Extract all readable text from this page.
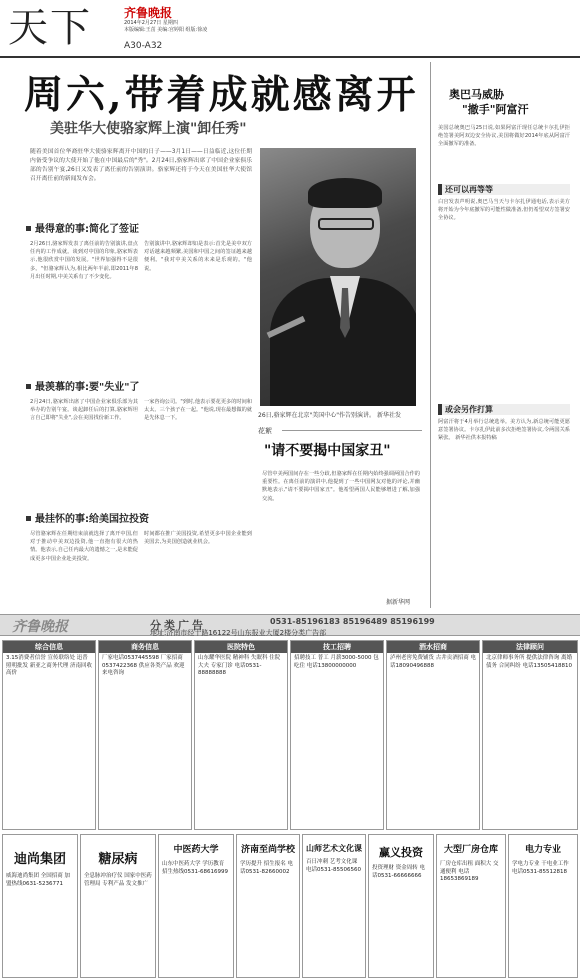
天下	齐鲁晚报
2014年2月27日 星期四
本版编辑:王茁 美编:宫婷阳 组版:徐凌
A30-A32
周六,带着成就感离开
美驻华大使骆家辉上演"卸任秀"
随着美国首位华裔驻华大使骆家辉离开中国的日子——3月1日——日益临近,这位任期内备受争议的大使开始了他在中国最后的"秀"。2月24日,骆家辉出席了中国企业家俱乐部的告别午宴,26日又发表了离任前的告别演讲。骆家辉还将于今天在美国驻华大使馆召开离任前的新闻发布会。
最得意的事:简化了签证
2月26日,骆家辉发表了离任前的告别演讲,盘点任内的工作成就。谈到对中国的印象,骆家辉表示,他很欣赏中国的发展。"世界加强得不是很多。"但骆家辉认为,相比两年半前,即2011年8月出任时期,中美关系有了不少变化。
告别演讲中,骆家辉却如是表示:首先是美中双方对话越来越频繁,美国和中国之间的签证越来越便利。"我对中美关系的未来是乐观的。"他说。
最羡慕的事:要"失业"了
2月24日,骆家辉出席了中国企业家俱乐部为其举办的告别午宴。谈起卸任后的打算,骆家辉坦言自己即将"失业",会在美国找份新工作。
一家咨询公司。"到时,他表示要花更多的时间和太太、三个孩子在一起。"他说,现在最想做的就是先休息一下。
最挂怀的事:给美国拉投资
尽管骆家辉在任期结束前就选择了离开中国,但对于推动中美双边投资,他一直抱有很大的热情。他表示,自己任内最大的遗憾之一,是未能促成更多中国企业赴美投资。
时间都在推广美国投资,希望更多中国企业能到美国去,为美国创造就业机会。
26日,骆家辉在北京"美国中心"作告别演讲。 新华社发
花絮
"请不要揭中国家丑"
尽管中美两国间存在一些分歧,但骆家辉在任期内始终强调两国合作的重要性。在离任前的演讲中,他提到了一些中国网友对他的评论,并幽默地表示,"请不要揭中国家丑"。他希望两国人民能够增进了解,加强交流。
据新华网
奥巴马威胁
"撤手"阿富汗
美国总统奥巴马25日说,如果阿富汗现任总统卡尔扎伊拒绝签署美阿双边安全协议,美国将做好2014年底从阿富汗全面撤军的准备。
还可以再等等
白宫发表声明说,奥巴马当天与卡尔扎伊通电话,表示美方将开始为今年底撤军的可能性做准备,但仍希望双方签署安全协议。
或会另作打算
阿富汗将于4月举行总统选举。美方认为,新总统可能更愿意签署协议。卡尔扎伊此前多次拒绝签署协议,令两国关系紧张。 新华社供本报特稿
齐鲁晚报	分类广告	0531-85196183 85196489 85196199
地址:济南市经十路16122号山东报业大厦2楼分类广告部
综合信息
3.15消费者信誉 宣传联络处 迅普照明批发 新亚之商务代理 济南回收高价
商务信息
厂家电话0537445598 厂家招商0537422368 供应各类产品 欢迎来电咨询
医院特色
山东耀华医院 精神科 失眠科 住院大夫 专家门诊 电话0531-88888888
技工招聘
招聘技工 普工 月薪3000-5000 包吃住 电话13800000000
酒水招商
泸州老窖免费铺货 古井贡酒招商 电话18090496888
法律顾问
北京律师事务所 提供法律咨询 离婚 债务 合同纠纷 电话13505418810
迪尚集团
威海迪尚集团 全国招商 加盟热线0631-5236771
糖尿病
全息脉冲治疗仪 国家中医药管理局 专利产品 发文推广
中医药大学
山东中医药大学 学历教育 招生热线0531-68616999
济南至尚学校
学历提升 招生报名 电话0531-82660002
山师艺术文化课
百日冲刺 艺考文化课 电话0531-85506560
赢义投资
投资理财 资金周转 电话0531-66666666
大型厂房仓库
厂房仓库出租 面积大 交通便利 电话18653869189
电力专业
学电力专业 干电业工作 电话0531-85512818
